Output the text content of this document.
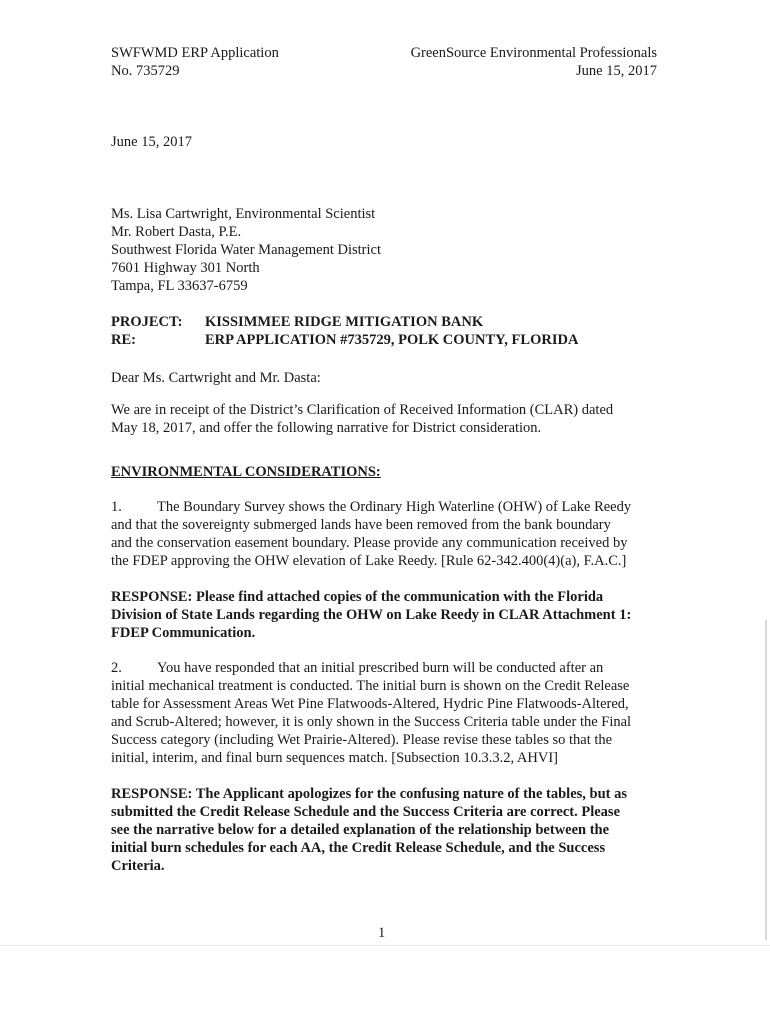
SWFWMD ERP Application
No. 735729
GreenSource Environmental Professionals
June 15, 2017
June 15, 2017
Ms. Lisa Cartwright, Environmental Scientist
Mr. Robert Dasta, P.E.
Southwest Florida Water Management District
7601 Highway 301 North
Tampa, FL 33637-6759
PROJECT: KISSIMMEE RIDGE MITIGATION BANK
RE:	ERP APPLICATION #735729, POLK COUNTY, FLORIDA
Dear Ms. Cartwright and Mr. Dasta:
We are in receipt of the District’s Clarification of Received Information (CLAR) dated
May 18, 2017, and offer the following narrative for District consideration.
ENVIRONMENTAL CONSIDERATIONS:
1. The Boundary Survey shows the Ordinary High Waterline (OHW) of Lake Reedy
and that the sovereignty submerged lands have been removed from the bank boundary
and the conservation easement boundary. Please provide any communication received by
the FDEP approving the OHW elevation of Lake Reedy. [Rule 62-342.400(4)(a), F.A.C.]
RESPONSE: Please find attached copies of the communication with the Florida
Division of State Lands regarding the OHW on Lake Reedy in CLAR Attachment 1:
FDEP Communication.
2. You have responded that an initial prescribed burn will be conducted after an
initial mechanical treatment is conducted. The initial burn is shown on the Credit Release
table for Assessment Areas Wet Pine Flatwoods-Altered, Hydric Pine Flatwoods-Altered,
and Scrub-Altered; however, it is only shown in the Success Criteria table under the Final
Success category (including Wet Prairie-Altered). Please revise these tables so that the
initial, interim, and final burn sequences match. [Subsection 10.3.3.2, AHVI]
RESPONSE: The Applicant apologizes for the confusing nature of the tables, but as
submitted the Credit Release Schedule and the Success Criteria are correct. Please
see the narrative below for a detailed explanation of the relationship between the
initial burn schedules for each AA, the Credit Release Schedule, and the Success
Criteria.
1
